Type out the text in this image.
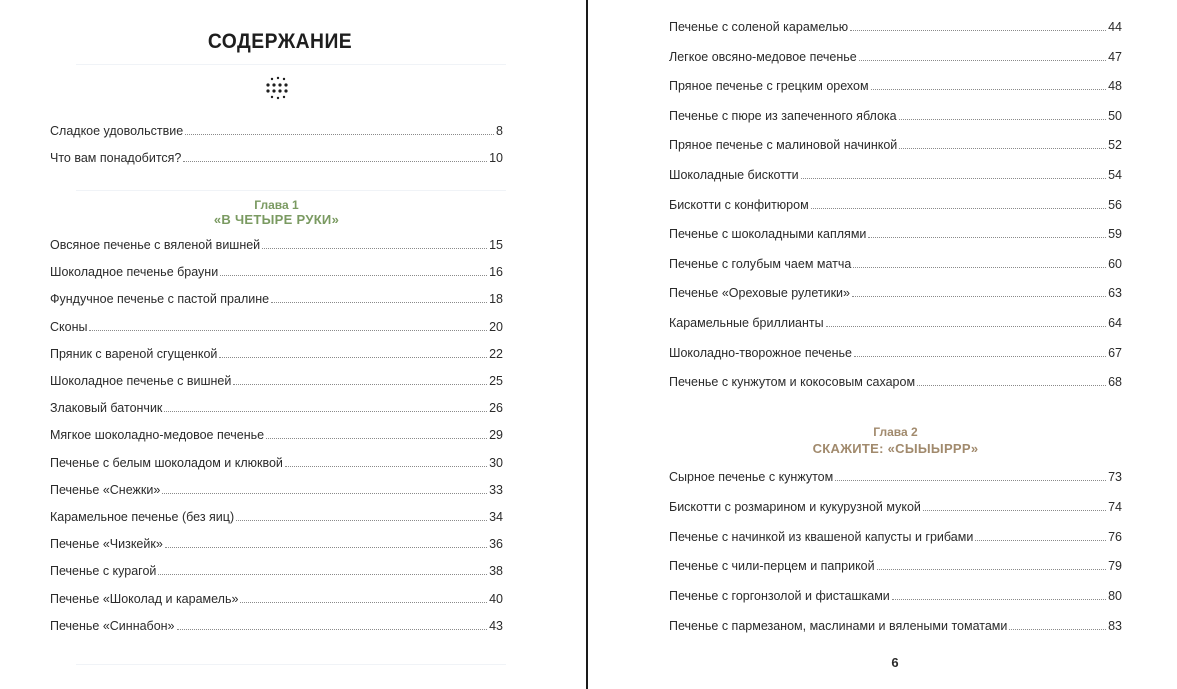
СОДЕРЖАНИЕ
Сладкое удовольствие	8
Что вам понадобится?	10
Глава 1
«В ЧЕТЫРЕ РУКИ»
Овсяное печенье с вяленой вишней	15
Шоколадное печенье брауни	16
Фундучное печенье с пастой пралине	18
Сконы	20
Пряник с вареной сгущенкой	22
Шоколадное печенье с вишней	25
Злаковый батончик	26
Мягкое шоколадно-медовое печенье	29
Печенье с белым шоколадом и клюквой	30
Печенье «Снежки»	33
Карамельное печенье (без яиц)	34
Печенье «Чизкейк»	36
Печенье с курагой	38
Печенье «Шоколад и карамель»	40
Печенье «Синнабон»	43
Печенье с соленой карамелью	44
Легкое овсяно-медовое печенье	47
Пряное печенье с грецким орехом	48
Печенье с пюре из запеченного яблока	50
Пряное печенье с малиновой начинкой	52
Шоколадные бискотти	54
Бискотти с конфитюром	56
Печенье с шоколадными каплями	59
Печенье с голубым чаем матча	60
Печенье «Ореховые рулетики»	63
Карамельные бриллианты	64
Шоколадно-творожное печенье	67
Печенье с кунжутом и кокосовым сахаром	68
Глава 2
СКАЖИТЕ: «СЫЫЫРРР»
Сырное печенье с кунжутом	73
Бискотти с розмарином и кукурузной мукой	74
Печенье с начинкой из квашеной капусты и грибами	76
Печенье с чили-перцем и паприкой	79
Печенье с горгонзолой и фисташками	80
Печенье с пармезаном, маслинами и вялеными томатами	83
6
